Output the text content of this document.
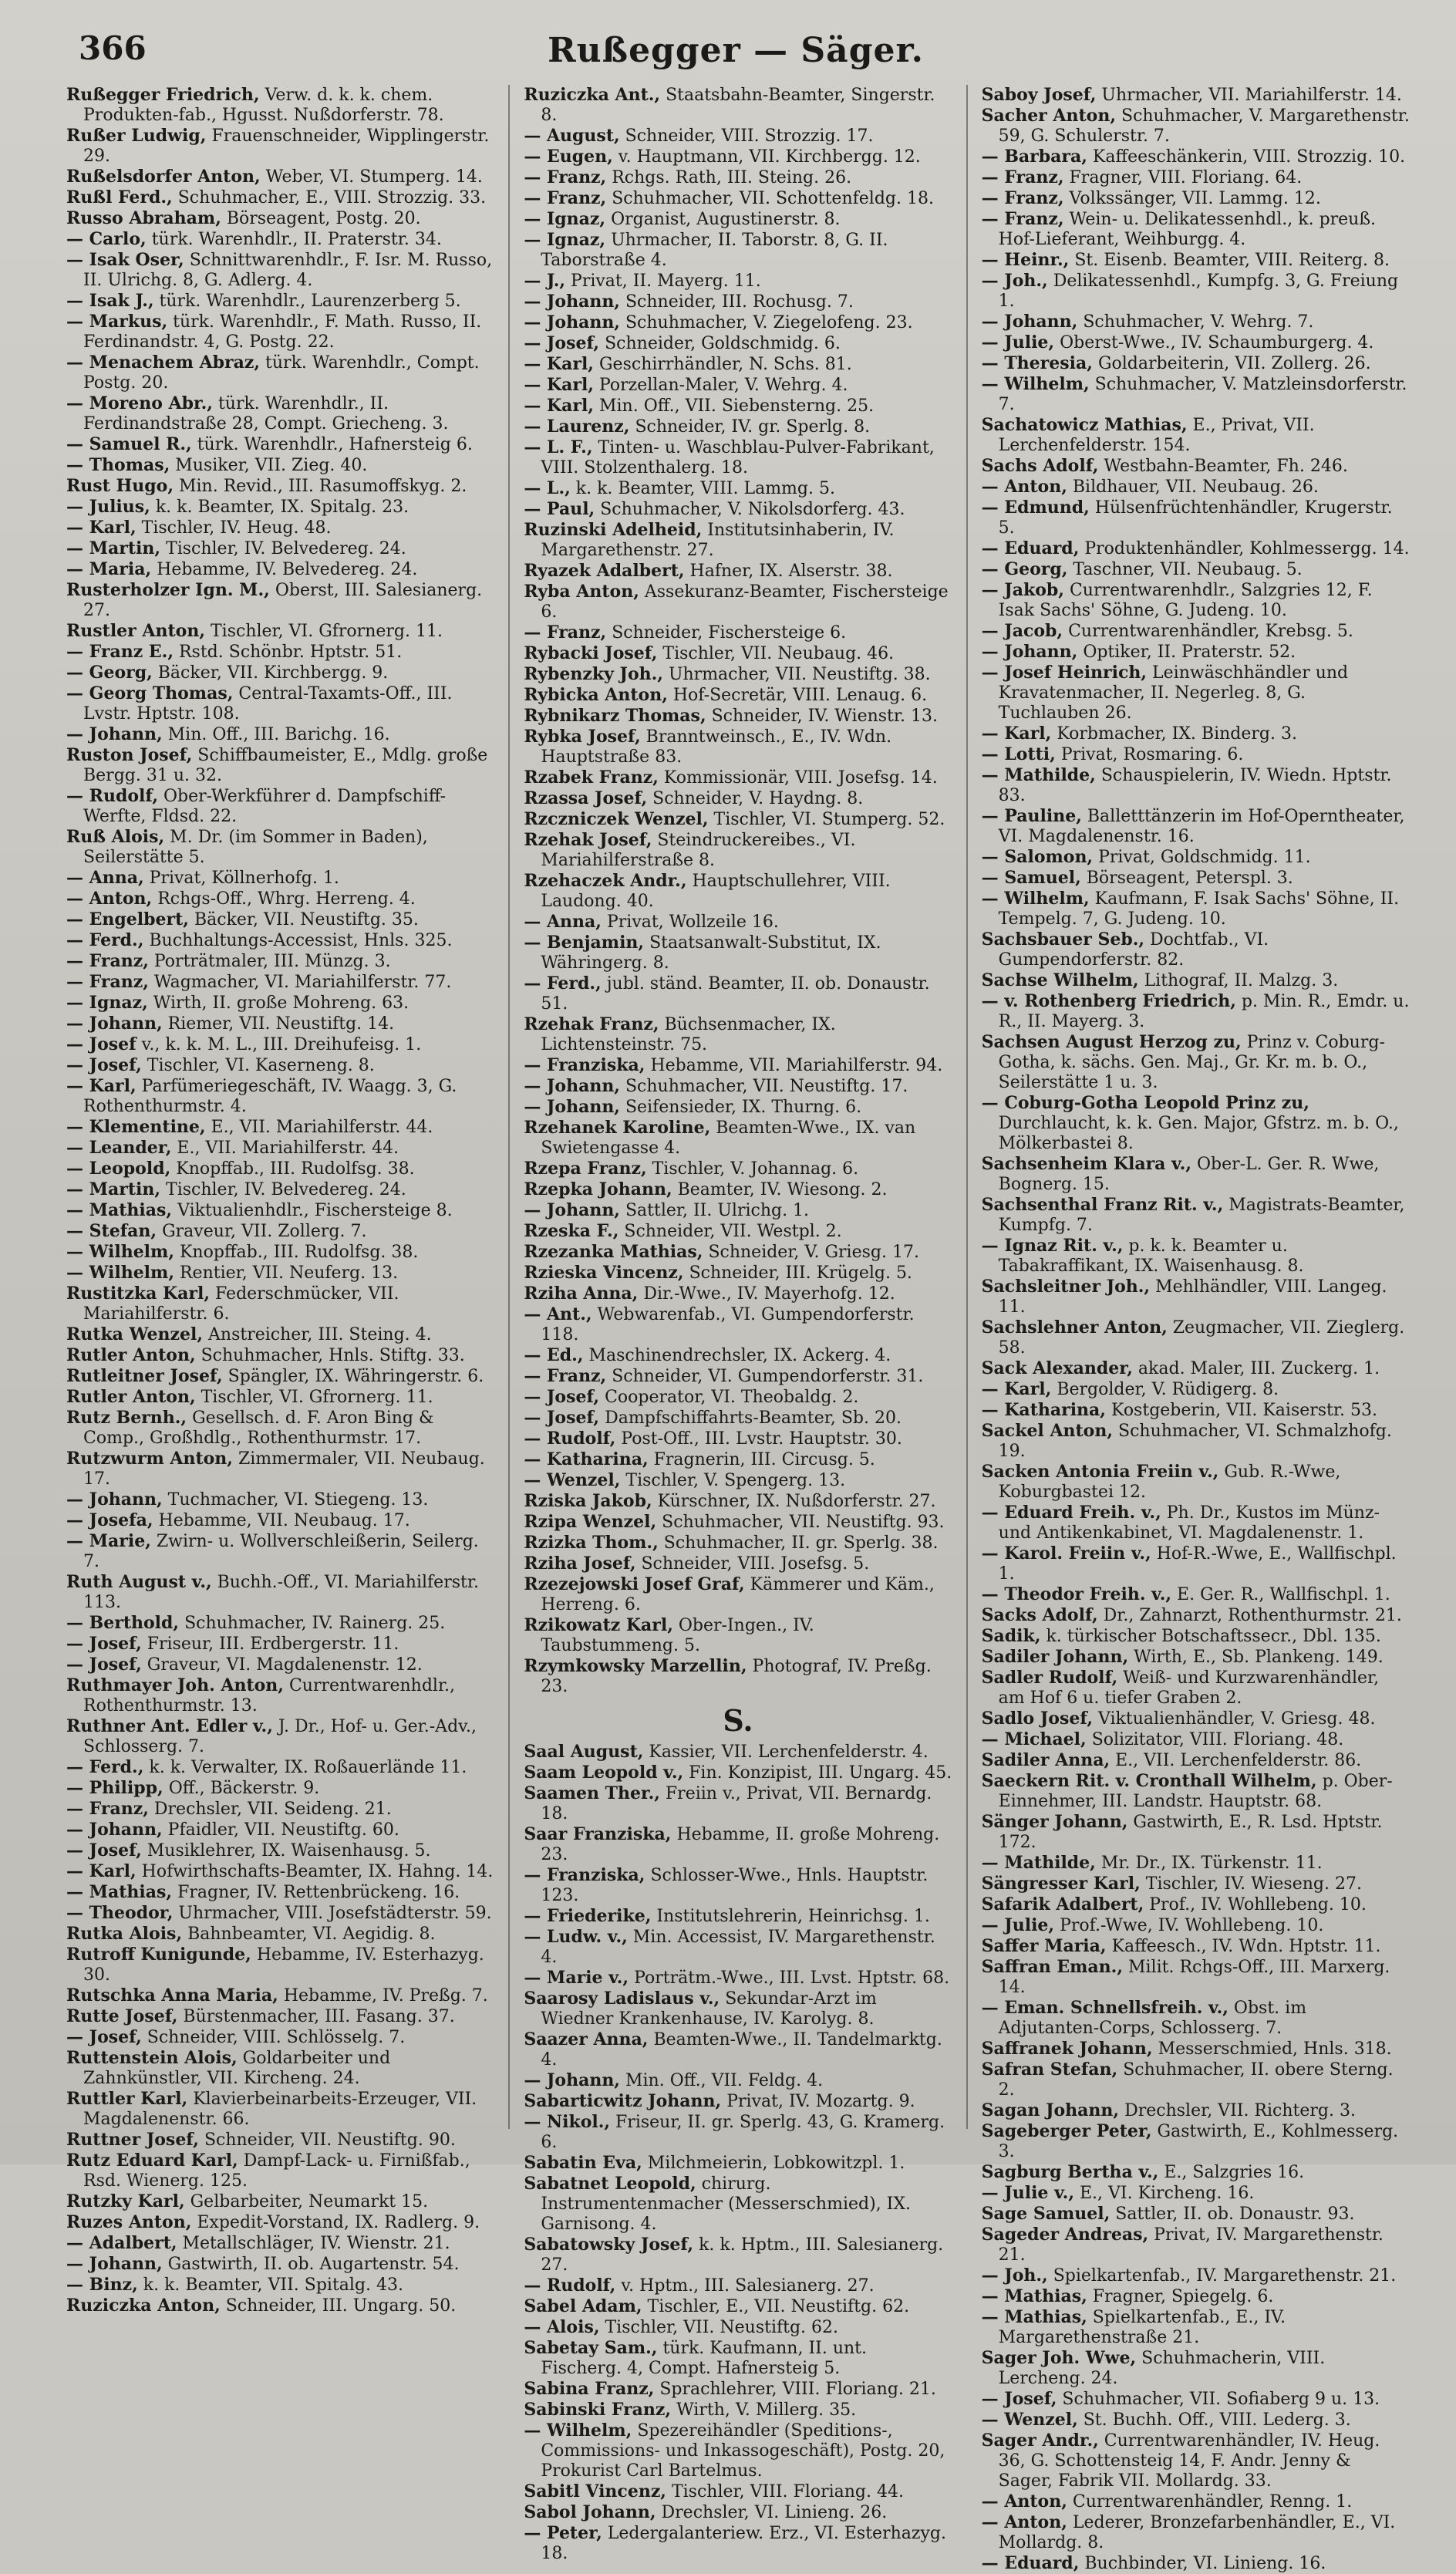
366	Rußegger — Säger.
Rußegger Friedrich, Verw. d. k. k. chem. Produkten-fab., Hgusst. Nußdorferstr. 78.
Rußer Ludwig, Frauenschneider, Wipplingerstr. 29.
Rußelsdorfer Anton, Weber, VI. Stumperg. 14.
Rußl Ferd., Schuhmacher, E., VIII. Strozzig. 33.
Russo Abraham, Börseagent, Postg. 20.
— Carlo, türk. Warenhdlr., II. Praterstr. 34.
— Isak Oser, Schnittwarenhdlr., F. Isr. M. Russo, II. Ulrichg. 8, G. Adlerg. 4.
— Isak J., türk. Warenhdlr., Laurenzerberg 5.
— Markus, türk. Warenhdlr., F. Math. Russo, II. Ferdinandstr. 4, G. Postg. 22.
— Menachem Abraz, türk. Warenhdlr., Compt. Postg. 20.
— Moreno Abr., türk. Warenhdlr., II. Ferdinandstraße 28, Compt. Griecheng. 3.
— Samuel R., türk. Warenhdlr., Hafnersteig 6.
— Thomas, Musiker, VII. Zieg. 40.
Rust Hugo, Min. Revid., III. Rasumoffskyg. 2.
— Julius, k. k. Beamter, IX. Spitalg. 23.
— Karl, Tischler, IV. Heug. 48.
— Martin, Tischler, IV. Belvedereg. 24.
— Maria, Hebamme, IV. Belvedereg. 24.
Rusterholzer Ign. M., Oberst, III. Salesianerg. 27.
Rustler Anton, Tischler, VI. Gfrornerg. 11.
— Franz E., Rstd. Schönbr. Hptstr. 51.
— Georg, Bäcker, VII. Kirchbergg. 9.
— Georg Thomas, Central-Taxamts-Off., III. Lvstr. Hptstr. 108.
— Johann, Min. Off., III. Barichg. 16.
Ruston Josef, Schiffbaumeister, E., Mdlg. große Bergg. 31 u. 32.
— Rudolf, Ober-Werkführer d. Dampfschiff-Werfte, Fldsd. 22.
Ruß Alois, M. Dr. (im Sommer in Baden), Seilerstätte 5.
— Anna, Privat, Köllnerhofg. 1.
— Anton, Rchgs-Off., Whrg. Herreng. 4.
— Engelbert, Bäcker, VII. Neustiftg. 35.
— Ferd., Buchhaltungs-Accessist, Hnls. 325.
— Franz, Porträtmaler, III. Münzg. 3.
— Franz, Wagmacher, VI. Mariahilferstr. 77.
— Ignaz, Wirth, II. große Mohreng. 63.
— Johann, Riemer, VII. Neustiftg. 14.
— Josef v., k. k. M. L., III. Dreihufeisg. 1.
— Josef, Tischler, VI. Kaserneng. 8.
— Karl, Parfümeriegeschäft, IV. Waagg. 3, G. Rothenthurmstr. 4.
— Klementine, E., VII. Mariahilferstr. 44.
— Leander, E., VII. Mariahilferstr. 44.
— Leopold, Knopffab., III. Rudolfsg. 38.
— Martin, Tischler, IV. Belvedereg. 24.
— Mathias, Viktualienhdlr., Fischersteige 8.
— Stefan, Graveur, VII. Zollerg. 7.
— Wilhelm, Knopffab., III. Rudolfsg. 38.
— Wilhelm, Rentier, VII. Neuferg. 13.
Rustitzka Karl, Federschmücker, VII. Mariahilferstr. 6.
Rutka Wenzel, Anstreicher, III. Steing. 4.
Rutler Anton, Schuhmacher, Hnls. Stiftg. 33.
Rutleitner Josef, Spängler, IX. Währingerstr. 6.
Rutler Anton, Tischler, VI. Gfrornerg. 11.
Rutz Bernh., Gesellsch. d. F. Aron Bing & Comp., Großhdlg., Rothenthurmstr. 17.
Rutzwurm Anton, Zimmermaler, VII. Neubaug. 17.
— Johann, Tuchmacher, VI. Stiegeng. 13.
— Josefa, Hebamme, VII. Neubaug. 17.
— Marie, Zwirn- u. Wollverschleißerin, Seilerg. 7.
Ruth August v., Buchh.-Off., VI. Mariahilferstr. 113.
— Berthold, Schuhmacher, IV. Rainerg. 25.
— Josef, Friseur, III. Erdbergerstr. 11.
— Josef, Graveur, VI. Magdalenenstr. 12.
Ruthmayer Joh. Anton, Currentwarenhdlr., Rothenthurmstr. 13.
Ruthner Ant. Edler v., J. Dr., Hof- u. Ger.-Adv., Schlosserg. 7.
— Ferd., k. k. Verwalter, IX. Roßauerlände 11.
— Philipp, Off., Bäckerstr. 9.
— Franz, Drechsler, VII. Seideng. 21.
— Johann, Pfaidler, VII. Neustiftg. 60.
— Josef, Musiklehrer, IX. Waisenhausg. 5.
— Karl, Hofwirthschafts-Beamter, IX. Hahng. 14.
— Mathias, Fragner, IV. Rettenbrückeng. 16.
— Theodor, Uhrmacher, VIII. Josefstädterstr. 59.
Rutka Alois, Bahnbeamter, VI. Aegidig. 8.
Rutroff Kunigunde, Hebamme, IV. Esterhazyg. 30.
Rutschka Anna Maria, Hebamme, IV. Preßg. 7.
Rutte Josef, Bürstenmacher, III. Fasang. 37.
— Josef, Schneider, VIII. Schlösselg. 7.
Ruttenstein Alois, Goldarbeiter und Zahnkünstler, VII. Kircheng. 24.
Ruttler Karl, Klavierbeinarbeits-Erzeuger, VII. Magdalenenstr. 66.
Ruttner Josef, Schneider, VII. Neustiftg. 90.
Rutz Eduard Karl, Dampf-Lack- u. Firnißfab., Rsd. Wienerg. 125.
Rutzky Karl, Gelbarbeiter, Neumarkt 15.
Ruzes Anton, Expedit-Vorstand, IX. Radlerg. 9.
— Adalbert, Metallschläger, IV. Wienstr. 21.
— Johann, Gastwirth, II. ob. Augartenstr. 54.
— Binz, k. k. Beamter, VII. Spitalg. 43.
Ruziczka Anton, Schneider, III. Ungarg. 50.
Ruziczka Ant., Staatsbahn-Beamter, Singerstr. 8.
— August, Schneider, VIII. Strozzig. 17.
— Eugen, v. Hauptmann, VII. Kirchbergg. 12.
— Franz, Rchgs. Rath, III. Steing. 26.
— Franz, Schuhmacher, VII. Schottenfeldg. 18.
— Ignaz, Organist, Augustinerstr. 8.
— Ignaz, Uhrmacher, II. Taborstr. 8, G. II. Taborstraße 4.
— J., Privat, II. Mayerg. 11.
— Johann, Schneider, III. Rochusg. 7.
— Johann, Schuhmacher, V. Ziegelofeng. 23.
— Josef, Schneider, Goldschmidg. 6.
— Karl, Geschirrhändler, N. Schs. 81.
— Karl, Porzellan-Maler, V. Wehrg. 4.
— Karl, Min. Off., VII. Siebensterng. 25.
— Laurenz, Schneider, IV. gr. Sperlg. 8.
— L. F., Tinten- u. Waschblau-Pulver-Fabrikant, VIII. Stolzenthalerg. 18.
— L., k. k. Beamter, VIII. Lammg. 5.
— Paul, Schuhmacher, V. Nikolsdorferg. 43.
Ruzinski Adelheid, Institutsinhaberin, IV. Margarethenstr. 27.
Ryazek Adalbert, Hafner, IX. Alserstr. 38.
Ryba Anton, Assekuranz-Beamter, Fischersteige 6.
— Franz, Schneider, Fischersteige 6.
Rybacki Josef, Tischler, VII. Neubaug. 46.
Rybenzky Joh., Uhrmacher, VII. Neustiftg. 38.
Rybicka Anton, Hof-Secretär, VIII. Lenaug. 6.
Rybnikarz Thomas, Schneider, IV. Wienstr. 13.
Rybka Josef, Branntweinsch., E., IV. Wdn. Hauptstraße 83.
Rzabek Franz, Kommissionär, VIII. Josefsg. 14.
Rzassa Josef, Schneider, V. Haydng. 8.
Rzczniczek Wenzel, Tischler, VI. Stumperg. 52.
Rzehak Josef, Steindruckereibes., VI. Mariahilferstraße 8.
Rzehaczek Andr., Hauptschullehrer, VIII. Laudong. 40.
— Anna, Privat, Wollzeile 16.
— Benjamin, Staatsanwalt-Substitut, IX. Währingerg. 8.
— Ferd., jubl. ständ. Beamter, II. ob. Donaustr. 51.
Rzehak Franz, Büchsenmacher, IX. Lichtensteinstr. 75.
— Franziska, Hebamme, VII. Mariahilferstr. 94.
— Johann, Schuhmacher, VII. Neustiftg. 17.
— Johann, Seifensieder, IX. Thurng. 6.
Rzehanek Karoline, Beamten-Wwe., IX. van Swietengasse 4.
Rzepa Franz, Tischler, V. Johannag. 6.
Rzepka Johann, Beamter, IV. Wiesong. 2.
— Johann, Sattler, II. Ulrichg. 1.
Rzeska F., Schneider, VII. Westpl. 2.
Rzezanka Mathias, Schneider, V. Griesg. 17.
Rzieska Vincenz, Schneider, III. Krügelg. 5.
Rziha Anna, Dir.-Wwe., IV. Mayerhofg. 12.
— Ant., Webwarenfab., VI. Gumpendorferstr. 118.
— Ed., Maschinendrechsler, IX. Ackerg. 4.
— Franz, Schneider, VI. Gumpendorferstr. 31.
— Josef, Cooperator, VI. Theobaldg. 2.
— Josef, Dampfschiffahrts-Beamter, Sb. 20.
— Rudolf, Post-Off., III. Lvstr. Hauptstr. 30.
— Katharina, Fragnerin, III. Circusg. 5.
— Wenzel, Tischler, V. Spengerg. 13.
Rziska Jakob, Kürschner, IX. Nußdorferstr. 27.
Rzipa Wenzel, Schuhmacher, VII. Neustiftg. 93.
Rzizka Thom., Schuhmacher, II. gr. Sperlg. 38.
Rziha Josef, Schneider, VIII. Josefsg. 5.
Rzezejowski Josef Graf, Kämmerer und Käm., Herreng. 6.
Rzikowatz Karl, Ober-Ingen., IV. Taubstummeng. 5.
Rzymkowsky Marzellin, Photograf, IV. Preßg. 23.
S.
Saal August, Kassier, VII. Lerchenfelderstr. 4.
Saam Leopold v., Fin. Konzipist, III. Ungarg. 45.
Saamen Ther., Freiin v., Privat, VII. Bernardg. 18.
Saar Franziska, Hebamme, II. große Mohreng. 23.
— Franziska, Schlosser-Wwe., Hnls. Hauptstr. 123.
— Friederike, Institutslehrerin, Heinrichsg. 1.
— Ludw. v., Min. Accessist, IV. Margarethenstr. 4.
— Marie v., Porträtm.-Wwe., III. Lvst. Hptstr. 68.
Saarosy Ladislaus v., Sekundar-Arzt im Wiedner Krankenhause, IV. Karolyg. 8.
Saazer Anna, Beamten-Wwe., II. Tandelmarktg. 4.
— Johann, Min. Off., VII. Feldg. 4.
Sabarticwitz Johann, Privat, IV. Mozartg. 9.
— Nikol., Friseur, II. gr. Sperlg. 43, G. Kramerg. 6.
Sabatin Eva, Milchmeierin, Lobkowitzpl. 1.
Sabatnet Leopold, chirurg. Instrumentenmacher (Messerschmied), IX. Garnisong. 4.
Sabatowsky Josef, k. k. Hptm., III. Salesianerg. 27.
— Rudolf, v. Hptm., III. Salesianerg. 27.
Sabel Adam, Tischler, E., VII. Neustiftg. 62.
— Alois, Tischler, VII. Neustiftg. 62.
Sabetay Sam., türk. Kaufmann, II. unt. Fischerg. 4, Compt. Hafnersteig 5.
Sabina Franz, Sprachlehrer, VIII. Floriang. 21.
Sabinski Franz, Wirth, V. Millerg. 35.
— Wilhelm, Spezereihändler (Speditions-, Commissions- und Inkassogeschäft), Postg. 20, Prokurist Carl Bartelmus.
Sabitl Vincenz, Tischler, VIII. Floriang. 44.
Sabol Johann, Drechsler, VI. Linieng. 26.
— Peter, Ledergalanteriew. Erz., VI. Esterhazyg. 18.
Saboy Josef, Uhrmacher, VII. Mariahilferstr. 14.
Sacher Anton, Schuhmacher, V. Margarethenstr. 59, G. Schulerstr. 7.
— Barbara, Kaffeeschänkerin, VIII. Strozzig. 10.
— Franz, Fragner, VIII. Floriang. 64.
— Franz, Volkssänger, VII. Lammg. 12.
— Franz, Wein- u. Delikatessenhdl., k. preuß. Hof-Lieferant, Weihburgg. 4.
— Heinr., St. Eisenb. Beamter, VIII. Reiterg. 8.
— Joh., Delikatessenhdl., Kumpfg. 3, G. Freiung 1.
— Johann, Schuhmacher, V. Wehrg. 7.
— Julie, Oberst-Wwe., IV. Schaumburgerg. 4.
— Theresia, Goldarbeiterin, VII. Zollerg. 26.
— Wilhelm, Schuhmacher, V. Matzleinsdorferstr. 7.
Sachatowicz Mathias, E., Privat, VII. Lerchenfelderstr. 154.
Sachs Adolf, Westbahn-Beamter, Fh. 246.
— Anton, Bildhauer, VII. Neubaug. 26.
— Edmund, Hülsenfrüchtenhändler, Krugerstr. 5.
— Eduard, Produktenhändler, Kohlmessergg. 14.
— Georg, Taschner, VII. Neubaug. 5.
— Jakob, Currentwarenhdlr., Salzgries 12, F. Isak Sachs' Söhne, G. Judeng. 10.
— Jacob, Currentwarenhändler, Krebsg. 5.
— Johann, Optiker, II. Praterstr. 52.
— Josef Heinrich, Leinwäschhändler und Kravatenmacher, II. Negerleg. 8, G. Tuchlauben 26.
— Karl, Korbmacher, IX. Binderg. 3.
— Lotti, Privat, Rosmaring. 6.
— Mathilde, Schauspielerin, IV. Wiedn. Hptstr. 83.
— Pauline, Balletttänzerin im Hof-Operntheater, VI. Magdalenenstr. 16.
— Salomon, Privat, Goldschmidg. 11.
— Samuel, Börseagent, Peterspl. 3.
— Wilhelm, Kaufmann, F. Isak Sachs' Söhne, II. Tempelg. 7, G. Judeng. 10.
Sachsbauer Seb., Dochtfab., VI. Gumpendorferstr. 82.
Sachse Wilhelm, Lithograf, II. Malzg. 3.
— v. Rothenberg Friedrich, p. Min. R., Emdr. u. R., II. Mayerg. 3.
Sachsen August Herzog zu, Prinz v. Coburg-Gotha, k. sächs. Gen. Maj., Gr. Kr. m. b. O., Seilerstätte 1 u. 3.
— Coburg-Gotha Leopold Prinz zu, Durchlaucht, k. k. Gen. Major, Gfstrz. m. b. O., Mölkerbastei 8.
Sachsenheim Klara v., Ober-L. Ger. R. Wwe, Bognerg. 15.
Sachsenthal Franz Rit. v., Magistrats-Beamter, Kumpfg. 7.
— Ignaz Rit. v., p. k. k. Beamter u. Tabakraffikant, IX. Waisenhausg. 8.
Sachsleitner Joh., Mehlhändler, VIII. Langeg. 11.
Sachslehner Anton, Zeugmacher, VII. Zieglerg. 58.
Sack Alexander, akad. Maler, III. Zuckerg. 1.
— Karl, Bergolder, V. Rüdigerg. 8.
— Katharina, Kostgeberin, VII. Kaiserstr. 53.
Sackel Anton, Schuhmacher, VI. Schmalzhofg. 19.
Sacken Antonia Freiin v., Gub. R.-Wwe, Koburgbastei 12.
— Eduard Freih. v., Ph. Dr., Kustos im Münz- und Antikenkabinet, VI. Magdalenenstr. 1.
— Karol. Freiin v., Hof-R.-Wwe, E., Wallfischpl. 1.
— Theodor Freih. v., E. Ger. R., Wallfischpl. 1.
Sacks Adolf, Dr., Zahnarzt, Rothenthurmstr. 21.
Sadik, k. türkischer Botschaftssecr., Dbl. 135.
Sadiler Johann, Wirth, E., Sb. Plankeng. 149.
Sadler Rudolf, Weiß- und Kurzwarenhändler, am Hof 6 u. tiefer Graben 2.
Sadlo Josef, Viktualienhändler, V. Griesg. 48.
— Michael, Solizitator, VIII. Floriang. 48.
Sadiler Anna, E., VII. Lerchenfelderstr. 86.
Saeckern Rit. v. Cronthall Wilhelm, p. Ober-Einnehmer, III. Landstr. Hauptstr. 68.
Sänger Johann, Gastwirth, E., R. Lsd. Hptstr. 172.
— Mathilde, Mr. Dr., IX. Türkenstr. 11.
Sängresser Karl, Tischler, IV. Wieseng. 27.
Safarik Adalbert, Prof., IV. Wohllebeng. 10.
— Julie, Prof.-Wwe, IV. Wohllebeng. 10.
Saffer Maria, Kaffeesch., IV. Wdn. Hptstr. 11.
Saffran Eman., Milit. Rchgs-Off., III. Marxerg. 14.
— Eman. Schnellsfreih. v., Obst. im Adjutanten-Corps, Schlosserg. 7.
Saffranek Johann, Messerschmied, Hnls. 318.
Safran Stefan, Schuhmacher, II. obere Sterng. 2.
Sagan Johann, Drechsler, VII. Richterg. 3.
Sageberger Peter, Gastwirth, E., Kohlmesserg. 3.
Sagburg Bertha v., E., Salzgries 16.
— Julie v., E., VI. Kircheng. 16.
Sage Samuel, Sattler, II. ob. Donaustr. 93.
Sageder Andreas, Privat, IV. Margarethenstr. 21.
— Joh., Spielkartenfab., IV. Margarethenstr. 21.
— Mathias, Fragner, Spiegelg. 6.
— Mathias, Spielkartenfab., E., IV. Margarethenstraße 21.
Sager Joh. Wwe, Schuhmacherin, VIII. Lercheng. 24.
— Josef, Schuhmacher, VII. Sofiaberg 9 u. 13.
— Wenzel, St. Buchh. Off., VIII. Lederg. 3.
Sager Andr., Currentwarenhändler, IV. Heug. 36, G. Schottensteig 14, F. Andr. Jenny & Sager, Fabrik VII. Mollardg. 33.
— Anton, Currentwarenhändler, Renng. 1.
— Anton, Lederer, Bronzefarbenhändler, E., VI. Mollardg. 8.
— Eduard, Buchbinder, VI. Linieng. 16.
